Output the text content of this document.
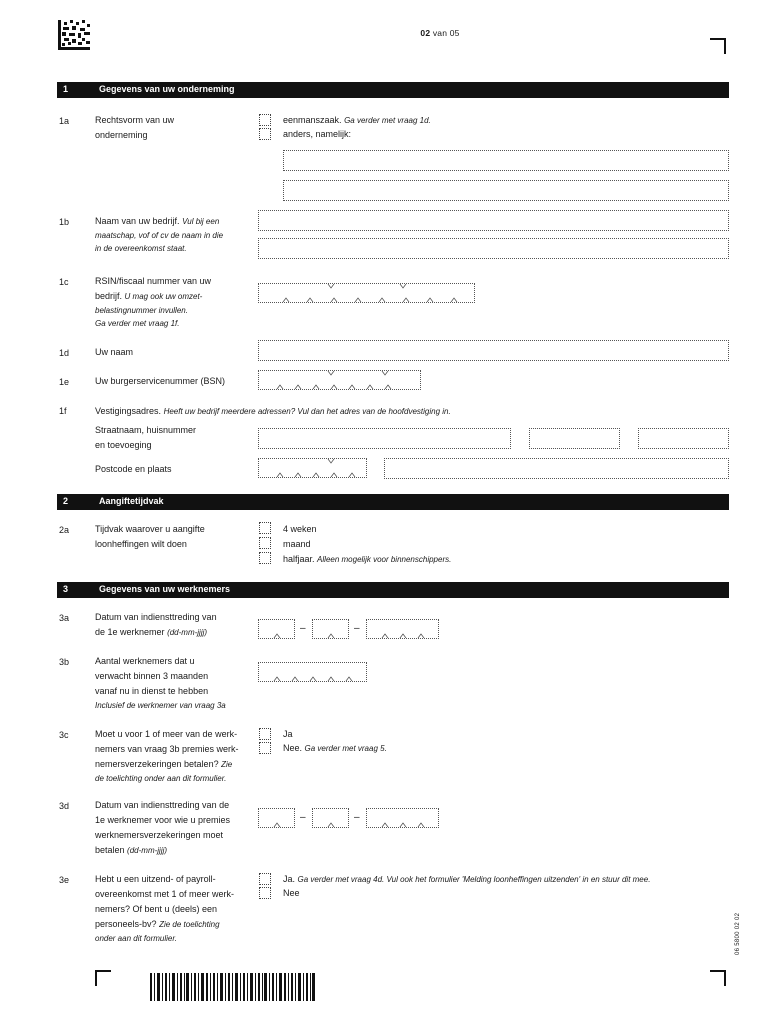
02 van 05
1	Gegevens van uw onderneming
1a	Rechtsvorm van uw
onderneming
eenmanszaak. Ga verder met vraag 1d.
anders, namelijk:
1b	Naam van uw bedrijf. Vul bij een
maatschap, vof of cv de naam in die
in de overeenkomst staat.
1c	RSIN/fiscaal nummer van uw
bedrijf. U mag ook uw omzet-
belastingnummer invullen.
Ga verder met vraag 1f.
1d	Uw naam
1e	Uw burgerservicenummer (BSN)
1f	Vestigingsadres. Heeft uw bedrijf meerdere adressen? Vul dan het adres van de hoofdvestiging in.
Straatnaam, huisnummer
en toevoeging
Postcode en plaats
2	Aangiftetijdvak
2a	Tijdvak waarover u aangifte
loonheffingen wilt doen
4 weken
maand
halfjaar. Alleen mogelijk voor binnenschippers.
3	Gegevens van uw werknemers
3a	Datum van indiensttreding van
de 1e werknemer (dd-mm-jjjj)	–	–
3b	Aantal werknemers dat u
verwacht binnen 3 maanden
vanaf nu in dienst te hebben
Inclusief de werknemer van vraag 3a
3c	Moet u voor 1 of meer van de werk-
nemers van vraag 3b premies werk-
nemersverzekeringen betalen? Zie
de toelichting onder aan dit formulier.
Ja
Nee. Ga verder met vraag 5.
3d	Datum van indiensttreding van de
1e werknemer voor wie u premies
werknemersverzekeringen moet
betalen (dd-mm-jjjj)
–	–
3e	Hebt u een uitzend- of payroll-
overeenkomst met 1 of meer werk-
nemers? Of bent u (deels) een
personeels-bv? Zie de toelichting
onder aan dit formulier.
Ja. Ga verder met vraag 4d. Vul ook het formulier 'Melding loonheffingen uitzenden' in en stuur dit mee.
Nee
06 5800 02 02
